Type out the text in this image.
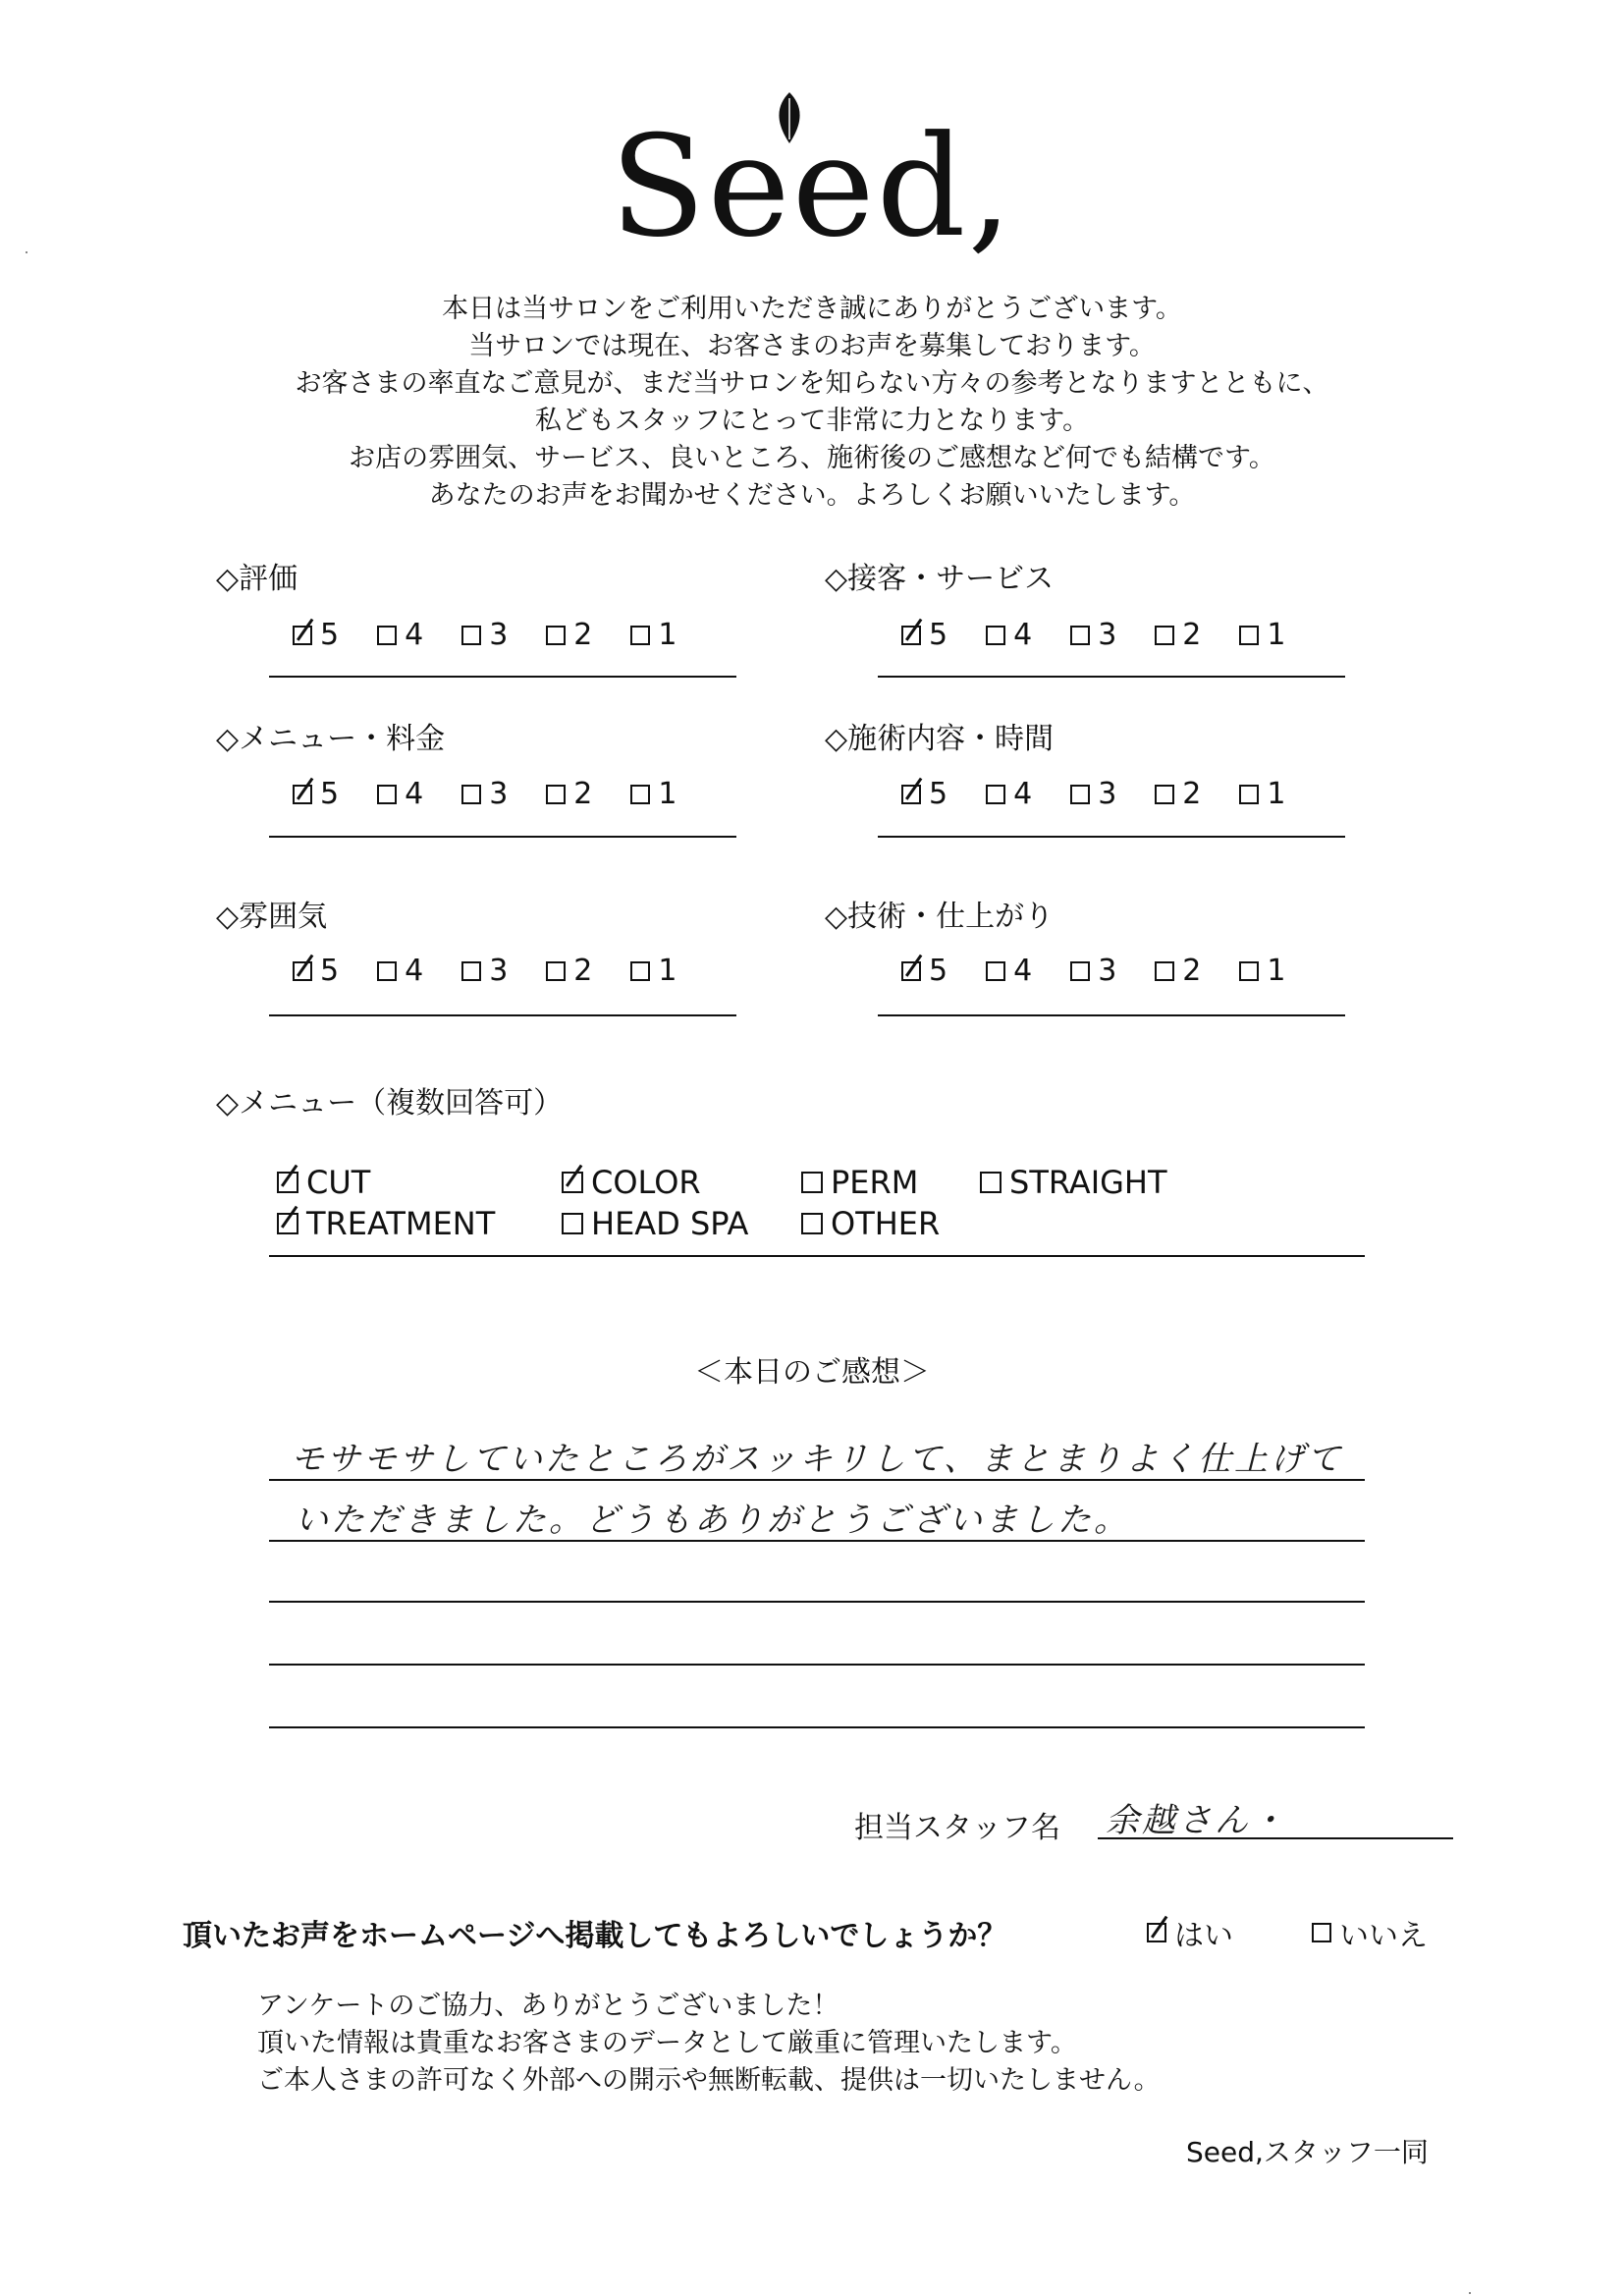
Seed,
本日は当サロンをご利用いただき誠にありがとうございます。
当サロンでは現在、お客さまのお声を募集しております。
お客さまの率直なご意見が、まだ当サロンを知らない方々の参考となりますとともに、
私どもスタッフにとって非常に力となります。
お店の雰囲気、サービス、良いところ、施術後のご感想など何でも結構です。
あなたのお声をお聞かせください。よろしくお願いいたします。
◇評価
5 4 3 2 1
◇接客・サービス
5 4 3 2 1
◇メニュー・料金
5 4 3 2 1
◇施術内容・時間
5 4 3 2 1
◇雰囲気
5 4 3 2 1
◇技術・仕上がり
5 4 3 2 1
◇メニュー（複数回答可）
CUT	COLOR	PERM	STRAIGHT
TREATMENT	HEAD SPA	OTHER
＜本日のご感想＞
モサモサしていたところがスッキリして、まとまりよく仕上げて
いただきました。どうもありがとうございました。
担当スタッフ名 余越さん・
頂いたお声をホームページへ掲載してもよろしいでしょうか？	はい	いいえ
アンケートのご協力、ありがとうございました！
頂いた情報は貴重なお客さまのデータとして厳重に管理いたします。
ご本人さまの許可なく外部への開示や無断転載、提供は一切いたしません。
Seed,スタッフ一同
